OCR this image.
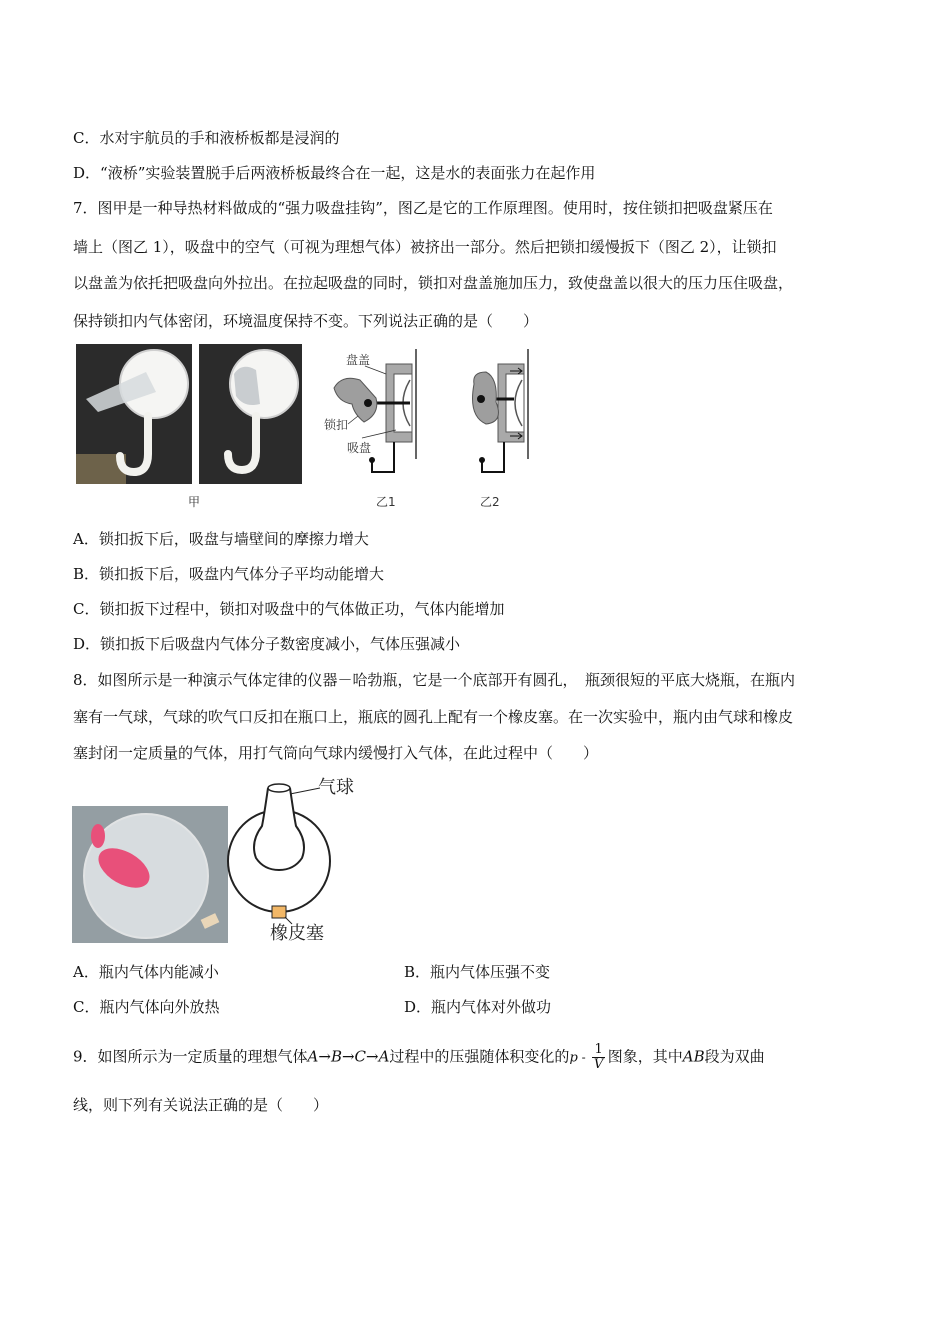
C．水对宇航员的手和液桥板都是浸润的
D．“液桥”实验装置脱手后两液桥板最终合在一起，这是水的表面张力在起作用
7．图甲是一种导热材料做成的“强力吸盘挂钩”，图乙是它的工作原理图。使用时，按住锁扣把吸盘紧压在
墙上（图乙 1），吸盘中的空气（可视为理想气体）被挤出一部分。然后把锁扣缓慢扳下（图乙 2），让锁扣
以盘盖为依托把吸盘向外拉出。在拉起吸盘的同时，锁扣对盘盖施加压力，致使盘盖以很大的压力压住吸盘，
保持锁扣内气体密闭，环境温度保持不变。下列说法正确的是（　　）
盘盖
锁扣
吸盘
甲	乙1	乙2
A．锁扣扳下后，吸盘与墙壁间的摩擦力增大
B．锁扣扳下后，吸盘内气体分子平均动能增大
C．锁扣扳下过程中，锁扣对吸盘中的气体做正功，气体内能增加
D．锁扣扳下后吸盘内气体分子数密度减小，气体压强减小
8．如图所示是一种演示气体定律的仪器－哈勃瓶，它是一个底部开有圆孔，　瓶颈很短的平底大烧瓶，在瓶内
塞有一气球，气球的吹气口反扣在瓶口上，瓶底的圆孔上配有一个橡皮塞。在一次实验中，瓶内由气球和橡皮
塞封闭一定质量的气体，用打气筒向气球内缓慢打入气体，在此过程中（　　）
气球
橡皮塞
A．瓶内气体内能减小	B．瓶内气体压强不变
C．瓶内气体向外放热	D．瓶内气体对外做功
9．如图所示为一定质量的理想气体A→B→C→A过程中的压强随体积变化的p - $\frac{1}{V}$ 图象，其中AB段为双曲
线，则下列有关说法正确的是（　　）
